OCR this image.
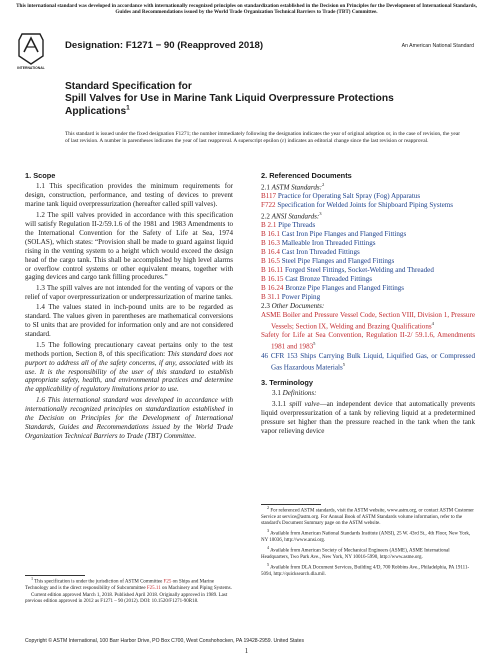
This international standard was developed in accordance with internationally recognized principles on standardization established in the Decision on Principles for the Development of International Standards, Guides and Recommendations issued by the World Trade Organization Technical Barriers to Trade (TBT) Committee.
INTERNATIONAL
Designation: F1271 − 90 (Reapproved 2018)	An American National Standard
Standard Specification for
Spill Valves for Use in Marine Tank Liquid Overpressure Protections Applications$^1$
This standard is issued under the fixed designation F1271; the number immediately following the designation indicates the year of original adoption or, in the case of revision, the year of last revision. A number in parentheses indicates the year of last reapproval. A superscript epsilon (ε) indicates an editorial change since the last revision or reapproval.

1. Scope

1.1 This specification provides the minimum requirements for design, construction, performance, and testing of devices to prevent marine tank liquid overpressurization (hereafter called spill valves).

1.2 The spill valves provided in accordance with this specification will satisfy Regulation II-2/59.1.6 of the 1981 and 1983 Amendments to the International Convention for the Safety of Life at Sea, 1974 (SOLAS), which states: “Provision shall be made to guard against liquid rising in the venting system to a height which would exceed the design head of the cargo tank. This shall be accomplished by high level alarms or overflow control systems or other equivalent means, together with gaging devices and cargo tank filling procedures.”

1.3 The spill valves are not intended for the venting of vapors or the relief of vapor overpressurization or underpressurization of marine tanks.

1.4 The values stated in inch-pound units are to be regarded as standard. The values given in parentheses are mathematical conversions to SI units that are provided for information only and are not considered standard.

1.5 The following precautionary caveat pertains only to the test methods portion, Section 8, of this specification: This standard does not purport to address all of the safety concerns, if any, associated with its use. It is the responsibility of the user of this standard to establish appropriate safety, health, and environmental practices and determine the applicability of regulatory limitations prior to use.

1.6 This international standard was developed in accordance with internationally recognized principles on standardization established in the Decision on Principles for the Development of International Standards, Guides and Recommendations issued by the World Trade Organization Technical Barriers to Trade (TBT) Committee.

2. Referenced Documents

2.1 ASTM Standards:$^2$

B117 Practice for Operating Salt Spray (Fog) Apparatus

F722 Specification for Welded Joints for Shipboard Piping Systems

2.2 ANSI Standards:$^3$

B 2.1 Pipe Threads

B 16.1 Cast Iron Pipe Flanges and Flanged Fittings

B 16.3 Malleable Iron Threaded Fittings

B 16.4 Cast Iron Threaded Fittings

B 16.5 Steel Pipe Flanges and Flanged Fittings

B 16.11 Forged Steel Fittings, Socket-Welding and Threaded

B 16.15 Cast Bronze Threaded Fittings

B 16.24 Bronze Pipe Flanges and Flanged Fittings

B 31.1 Power Piping

2.3 Other Documents:

ASME Boiler and Pressure Vessel Code, Section VIII, Division 1, Pressure Vessels; Section IX, Welding and Brazing Qualifications$^4$

Safety for Life at Sea Convention, Regulation II-2/ 59.1.6, Amendments 1981 and 1983$^5$

46 CFR 153 Ships Carrying Bulk Liquid, Liquified Gas, or Compressed Gas Hazardous Materials$^5$

3. Terminology

3.1 Definitions:

3.1.1 spill valve—an independent device that automatically prevents liquid overpressurization of a tank by relieving liquid at a predetermined pressure set higher than the pressure reached in the tank when the tank vapor relieving device

$^1$ This specification is under the jurisdiction of ASTM Committee F25 on Ships and Marine Technology and is the direct responsibility of Subcommittee F25.11 on Machinery and Piping Systems.

Current edition approved March 1, 2018. Published April 2018. Originally approved in 1989. Last previous edition approved in 2012 as F1271 – 90 (2012). DOI: 10.1520/F1271-90R18.

$^2$ For referenced ASTM standards, visit the ASTM website, www.astm.org, or contact ASTM Customer Service at service@astm.org. For Annual Book of ASTM Standards volume information, refer to the standard's Document Summary page on the ASTM website.

$^3$ Available from American National Standards Institute (ANSI), 25 W. 43rd St., 4th Floor, New York, NY 10036, http://www.ansi.org.

$^4$ Available from American Society of Mechanical Engineers (ASME), ASME International Headquarters, Two Park Ave., New York, NY 10016-5990, http://www.asme.org.

$^5$ Available from DLA Document Services, Building 4/D, 700 Robbins Ave., Philadelphia, PA 19111-5094, http://quicksearch.dla.mil.

Copyright © ASTM International, 100 Barr Harbor Drive, PO Box C700, West Conshohocken, PA 19428-2959. United States
1
